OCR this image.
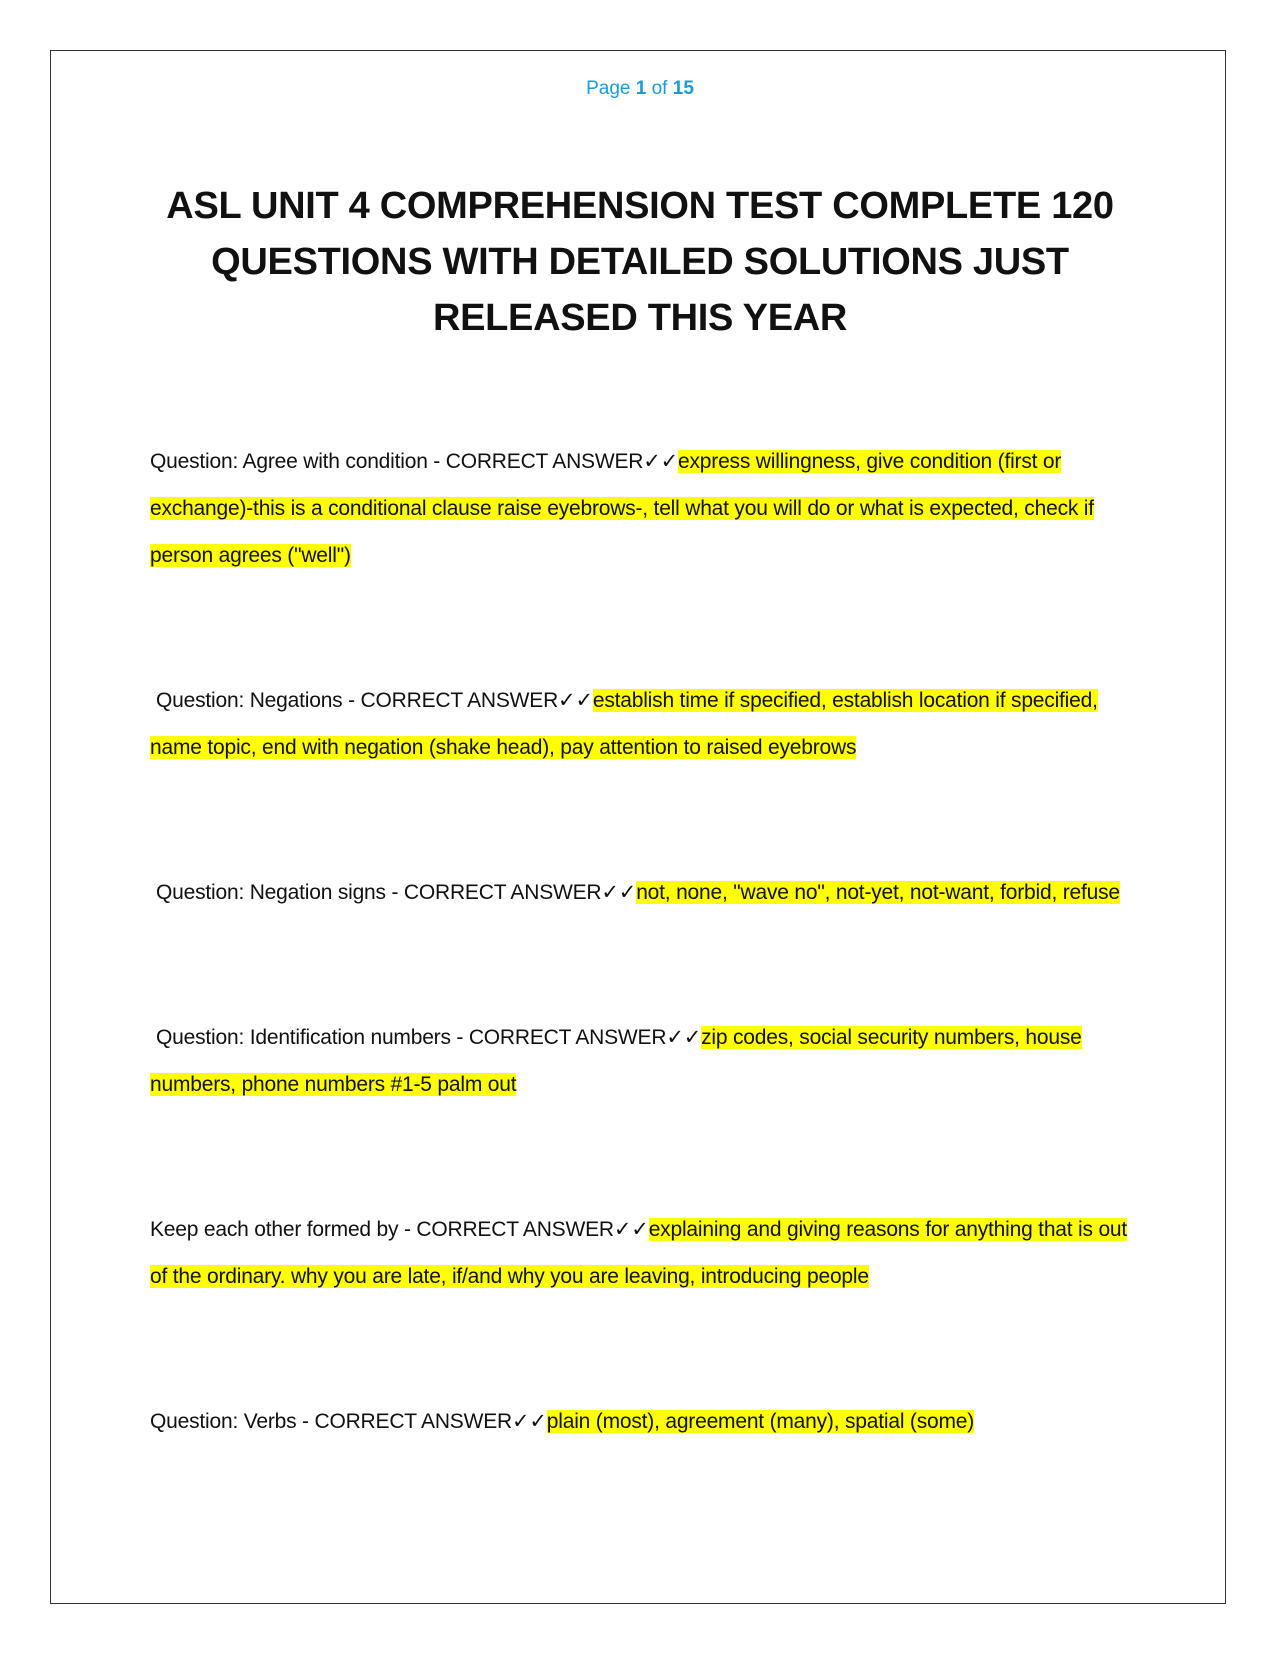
Page 1 of 15
ASL UNIT 4 COMPREHENSION TEST COMPLETE 120 QUESTIONS WITH DETAILED SOLUTIONS JUST RELEASED THIS YEAR

Question: Agree with condition - CORRECT ANSWER✓✓express willingness, give condition (first or exchange)-this is a conditional clause raise eyebrows-, tell what you will do or what is expected, check if person agrees ("well")

Question: Negations - CORRECT ANSWER✓✓establish time if specified, establish location if specified, name topic, end with negation (shake head), pay attention to raised eyebrows

Question: Negation signs - CORRECT ANSWER✓✓not, none, "wave no", not-yet, not-want, forbid, refuse

Question: Identification numbers - CORRECT ANSWER✓✓zip codes, social security numbers, house numbers, phone numbers #1-5 palm out

Keep each other formed by - CORRECT ANSWER✓✓explaining and giving reasons for anything that is out of the ordinary. why you are late, if/and why you are leaving, introducing people

Question: Verbs - CORRECT ANSWER✓✓plain (most), agreement (many), spatial (some)
